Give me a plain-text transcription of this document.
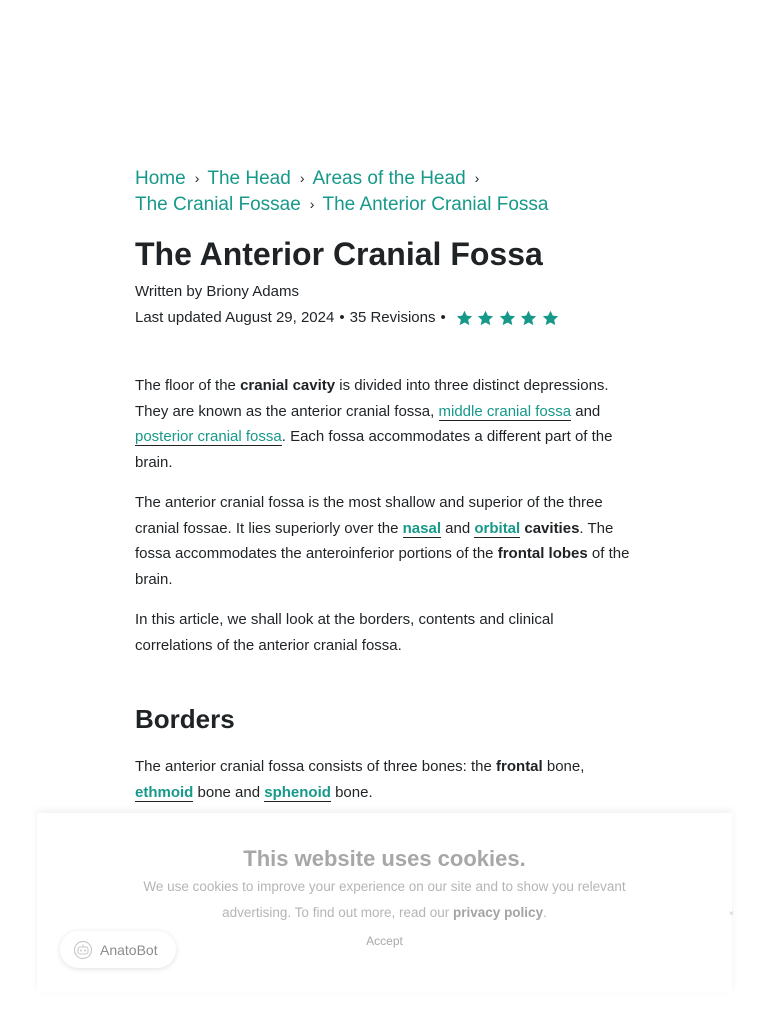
Home › The Head › Areas of the Head ›
The Cranial Fossae › The Anterior Cranial Fossa
The Anterior Cranial Fossa
Written by Briony Adams
Last updated August 29, 2024 • 35 Revisions •

The floor of the cranial cavity is divided into three distinct depressions. They are known as the anterior cranial fossa, middle cranial fossa and posterior cranial fossa. Each fossa accommodates a different part of the brain.

The anterior cranial fossa is the most shallow and superior of the three cranial fossae. It lies superiorly over the nasal and orbital cavities. The fossa accommodates the anteroinferior portions of the frontal lobes of the brain.

In this article, we shall look at the borders, contents and clinical correlations of the anterior cranial fossa.

Borders

The anterior cranial fossa consists of three bones: the frontal bone, ethmoid bone and sphenoid bone.

This website uses cookies.
We use cookies to improve your experience on our site and to show you relevant advertising. To find out more, read our privacy policy.
Accept
×
AnatoBot
